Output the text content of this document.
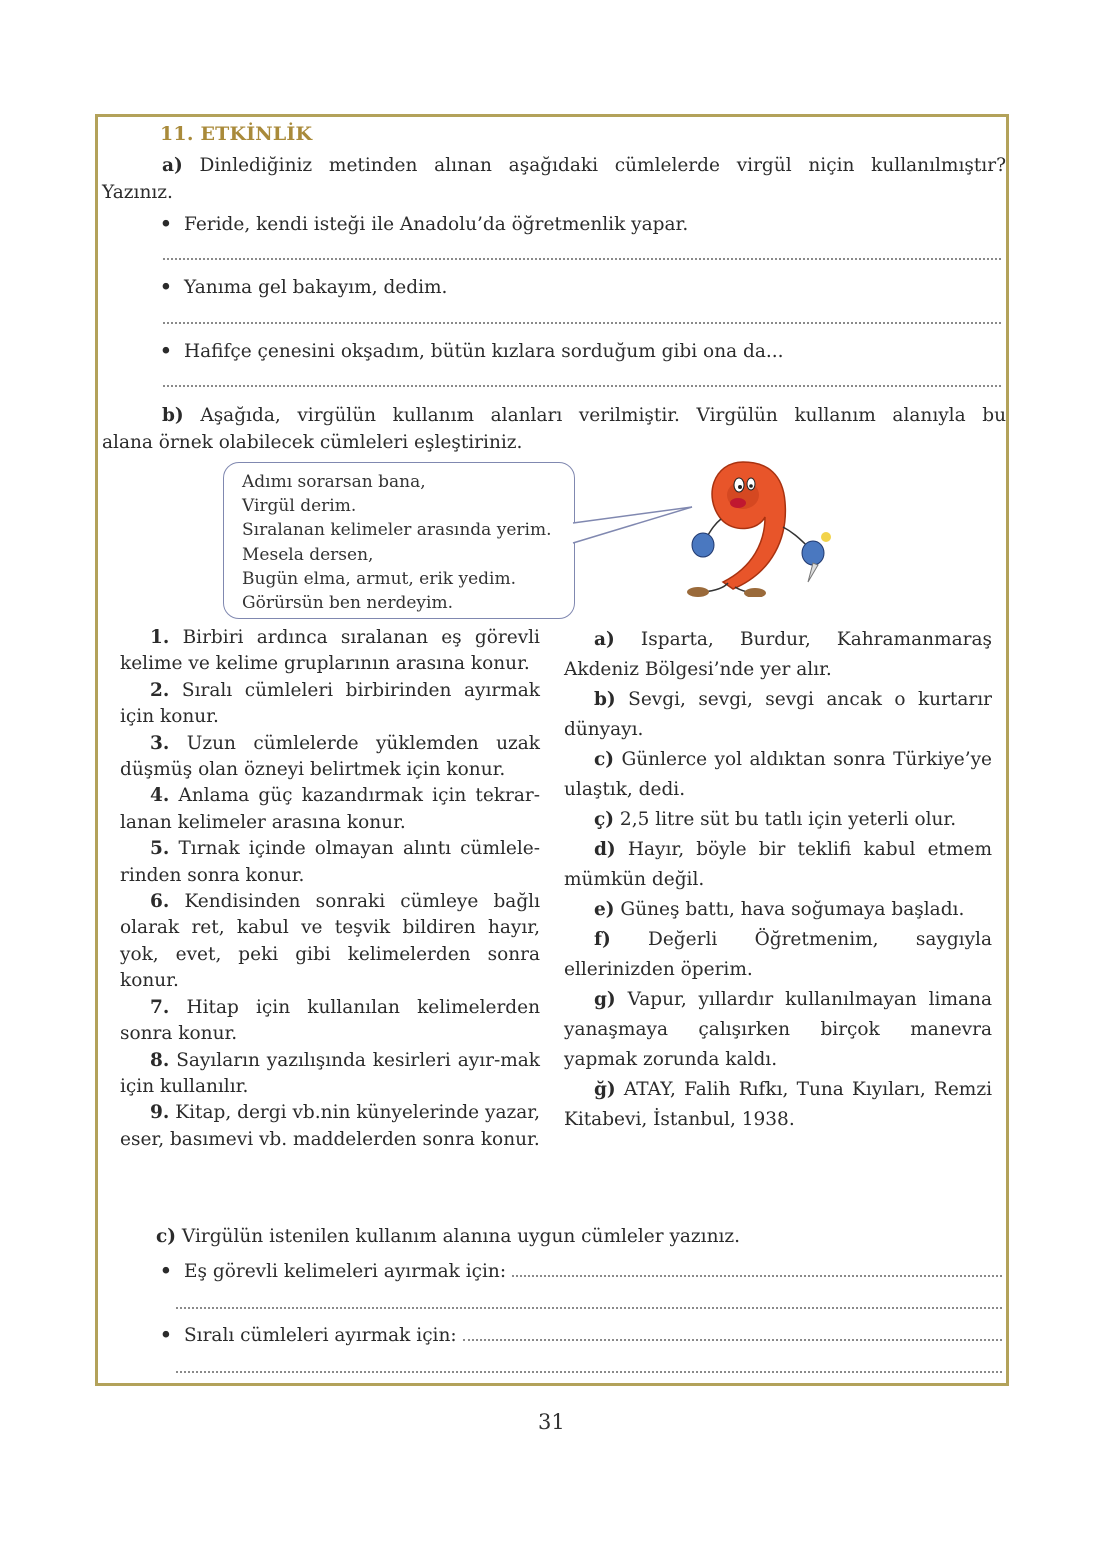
11. ETKİNLİK
a) Dinlediğiniz metinden alınan aşağıdaki cümlelerde virgül niçin kullanılmıştır?
Yazınız.
• Feride, kendi isteği ile Anadolu’da öğretmenlik yapar.
• Yanıma gel bakayım, dedim.
• Hafifçe çenesini okşadım, bütün kızlara sorduğum gibi ona da...
b) Aşağıda, virgülün kullanım alanları verilmiştir. Virgülün kullanım alanıyla bu
alana örnek olabilecek cümleleri eşleştiriniz.
Adımı sorarsan bana,
Virgül derim.
Sıralanan kelimeler arasında yerim.
Mesela dersen,
Bugün elma, armut, erik yedim.
Görürsün ben nerdeyim.

1. Birbiri ardınca sıralanan eş görevli kelime ve kelime gruplarının arasına konur.

2. Sıralı cümleleri birbirinden ayırmak için konur.

3. Uzun cümlelerde yüklemden uzak düşmüş olan özneyi belirtmek için konur.

4. Anlama güç kazandırmak için tekrar-lanan kelimeler arasına konur.

5. Tırnak içinde olmayan alıntı cümlele-rinden sonra konur.

6. Kendisinden sonraki cümleye bağlı olarak ret, kabul ve teşvik bildiren hayır, yok, evet, peki gibi kelimelerden sonra konur.

7. Hitap için kullanılan kelimelerden sonra konur.

8. Sayıların yazılışında kesirleri ayır-mak için kullanılır.

9. Kitap, dergi vb.nin künyelerinde yazar, eser, basımevi vb. maddelerden sonra konur.

a) Isparta, Burdur, Kahramanmaraş Akdeniz Bölgesi’nde yer alır.

b) Sevgi, sevgi, sevgi ancak o kurtarır dünyayı.

c) Günlerce yol aldıktan sonra Türkiye’ye ulaştık, dedi.

ç) 2,5 litre süt bu tatlı için yeterli olur.

d) Hayır, böyle bir teklifi kabul etmem mümkün değil.

e) Güneş battı, hava soğumaya başladı.

f) Değerli Öğretmenim, saygıyla ellerinizden öperim.

g) Vapur, yıllardır kullanılmayan limana yanaşmaya çalışırken birçok manevra yapmak zorunda kaldı.

ğ) ATAY, Falih Rıfkı, Tuna Kıyıları, Remzi Kitabevi, İstanbul, 1938.

c) Virgülün istenilen kullanım alanına uygun cümleler yazınız.
• Eş görevli kelimeleri ayırmak için:
• Sıralı cümleleri ayırmak için:
31
